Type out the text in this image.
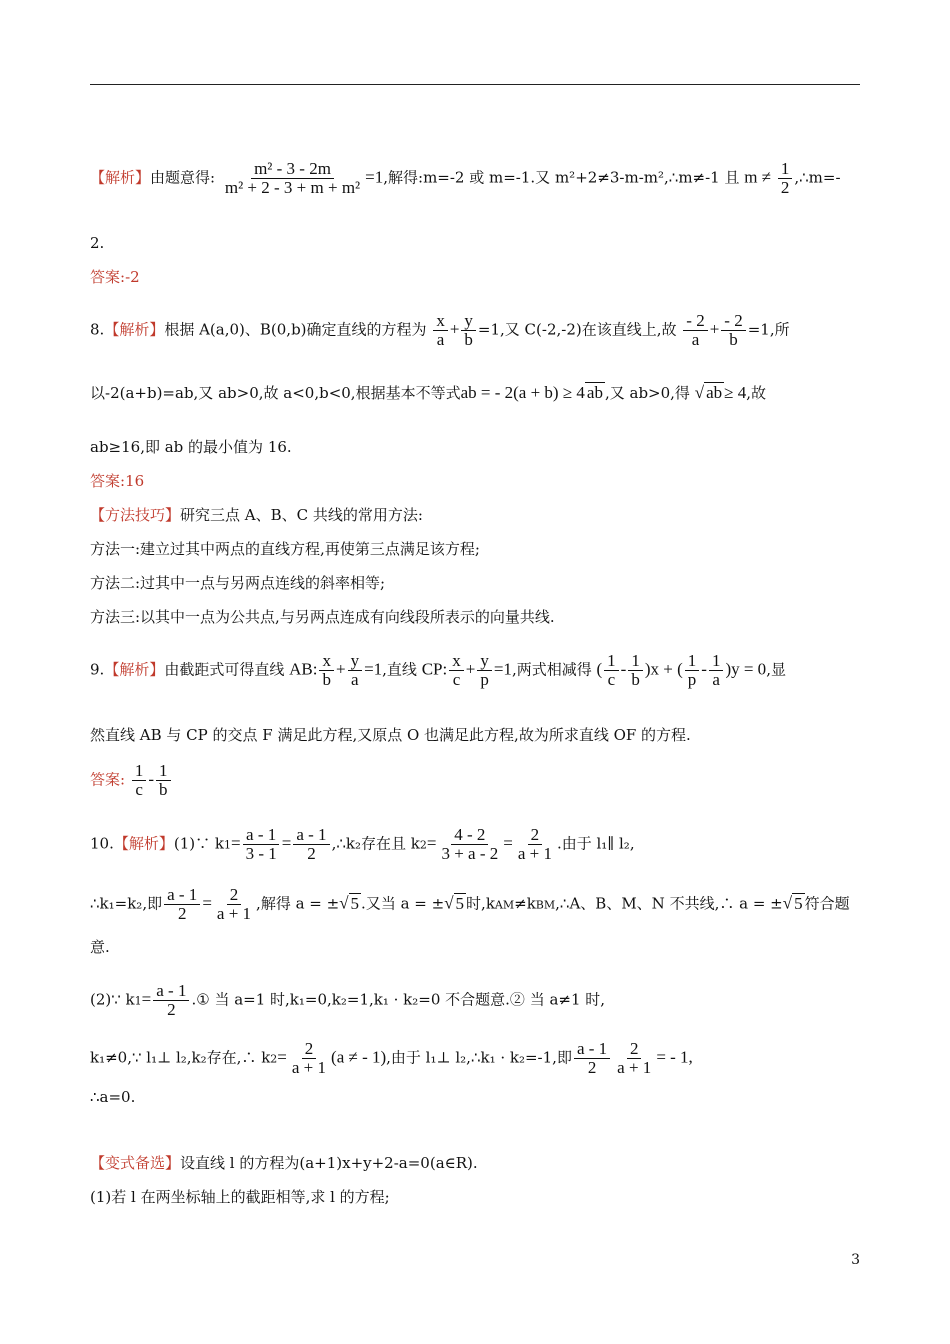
【解析】由题意得: $\frac{\text{m² - 3 - 2m}}{\text{m² + 2 - 3 + m + m²}} =1$,解得:m=-2 或 m=-1.又 m²+2≠3-m-m²,∴m≠-1 且 $m \ne \frac{1}{2}$ ,∴m=-
2.
答案:-2
8.【解析】根据 A(a,0)、B(0,b)确定直线的方程为 $\frac{x}{a} + \frac{y}{b} =1$,又 C(-2,-2)在该直线上,故 $\frac{- 2}{a} + \frac{- 2}{b} =1$,所
以-2(a+b)=ab,又 ab>0,故 a<0,b<0,根据基本不等式ab = - 2(a + b) ≥ 4 ab ,又 ab>0,得 √ ab ≥ 4,故
ab≥16,即 ab 的最小值为 16.
答案:16
【方法技巧】研究三点 A、B、C 共线的常用方法:
方法一:建立过其中两点的直线方程,再使第三点满足该方程;
方法二:过其中一点与另两点连线的斜率相等;
方法三:以其中一点为公共点,与另两点连成有向线段所表示的向量共线.
9.【解析】由截距式可得直线 AB: $\frac{x}{b} + \frac{y}{a} =1$,直线 CP: $\frac{x}{c} + \frac{y}{p} =1$,两式相减得 ( $\frac{1}{c} - \frac{1}{b} )x$ + ( $\frac{1}{p} - \frac{1}{a} )y = 0$,显
然直线 AB 与 CP 的交点 F 满足此方程,又原点 O 也满足此方程,故为所求直线 OF 的方程.
答案: $\frac{1}{c} - \frac{1}{b}$
10.【解析】(1)∵ $k1= \frac{a - 1}{3 - 1} = \frac{a - 1}{2}$ ,∴k₂存在且 $k2= \frac{4 - 2}{3 + a - 2} = \frac{2}{a + 1}$ .由于 l₁∥ l₂,
∴k₁=k₂,即 $\frac{a - 1}{2} = \frac{2}{a + 1}$ ,解得 a = ±√ 5 .又当 a = ±√ 5 时,kAM≠kBM,∴A、B、M、N 不共线,∴ a = ±√ 5 符合题
意.
(2)∵ $k1= \frac{a - 1}{2}$ .① 当 a=1 时,k₁=0,k₂=1,k₁ · k₂=0 不合题意.② 当 a≠1 时,
k₁≠0,∵ l₁⊥ l₂,k₂存在,∴ $k2= \frac{2}{a + 1} (a$ ≠ - 1),由于 l₁⊥ l₂,∴k₁ · k₂=-1,即 $\frac{a - 1}{2} \frac{2}{a + 1}$ = - 1,
∴a=0.
【变式备选】设直线 l 的方程为(a+1)x+y+2-a=0(a∈R).
(1)若 l 在两坐标轴上的截距相等,求 l 的方程;
3
